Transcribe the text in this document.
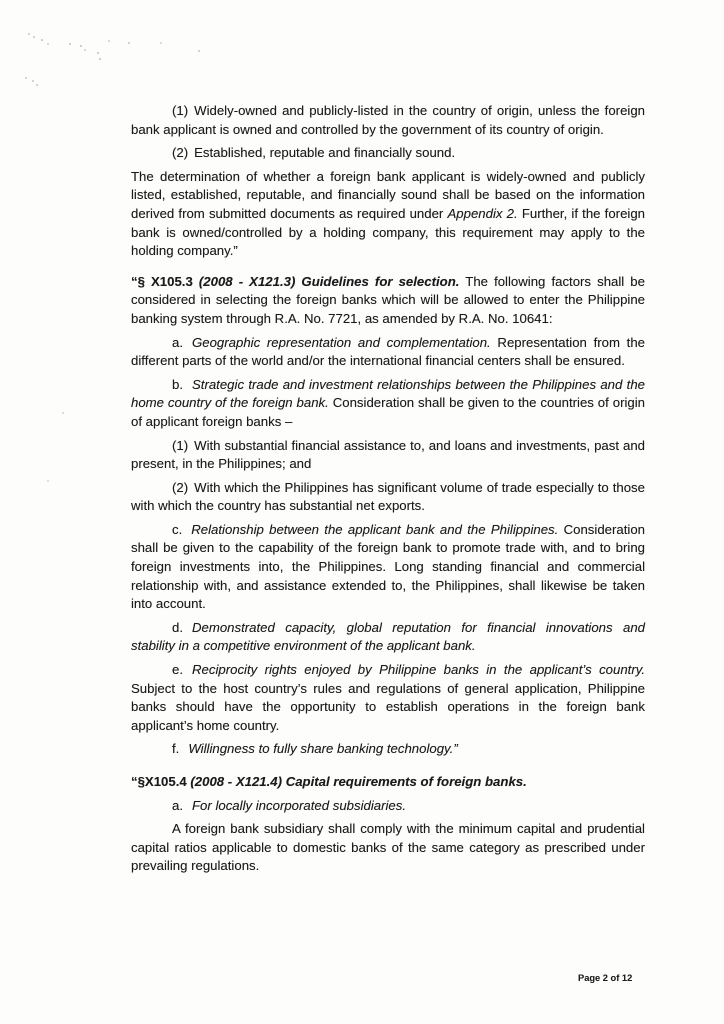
(1) Widely-owned and publicly-listed in the country of origin, unless the foreign bank applicant is owned and controlled by the government of its country of origin.

(2) Established, reputable and financially sound.

The determination of whether a foreign bank applicant is widely-owned and publicly listed, established, reputable, and financially sound shall be based on the information derived from submitted documents as required under Appendix 2. Further, if the foreign bank is owned/controlled by a holding company, this requirement may apply to the holding company.”

“§ X105.3 (2008 - X121.3) Guidelines for selection. The following factors shall be considered in selecting the foreign banks which will be allowed to enter the Philippine banking system through R.A. No. 7721, as amended by R.A. No. 10641:

a. Geographic representation and complementation. Representation from the different parts of the world and/or the international financial centers shall be ensured.

b. Strategic trade and investment relationships between the Philippines and the home country of the foreign bank. Consideration shall be given to the countries of origin of applicant foreign banks –

(1) With substantial financial assistance to, and loans and investments, past and present, in the Philippines; and

(2) With which the Philippines has significant volume of trade especially to those with which the country has substantial net exports.

c. Relationship between the applicant bank and the Philippines. Consideration shall be given to the capability of the foreign bank to promote trade with, and to bring foreign investments into, the Philippines. Long standing financial and commercial relationship with, and assistance extended to, the Philippines, shall likewise be taken into account.

d. Demonstrated capacity, global reputation for financial innovations and stability in a competitive environment of the applicant bank.

e. Reciprocity rights enjoyed by Philippine banks in the applicant’s country. Subject to the host country’s rules and regulations of general application, Philippine banks should have the opportunity to establish operations in the foreign bank applicant’s home country.

f. Willingness to fully share banking technology.”

“§X105.4 (2008 - X121.4) Capital requirements of foreign banks.

a. For locally incorporated subsidiaries.

A foreign bank subsidiary shall comply with the minimum capital and prudential capital ratios applicable to domestic banks of the same category as prescribed under prevailing regulations.

Page 2 of 12
